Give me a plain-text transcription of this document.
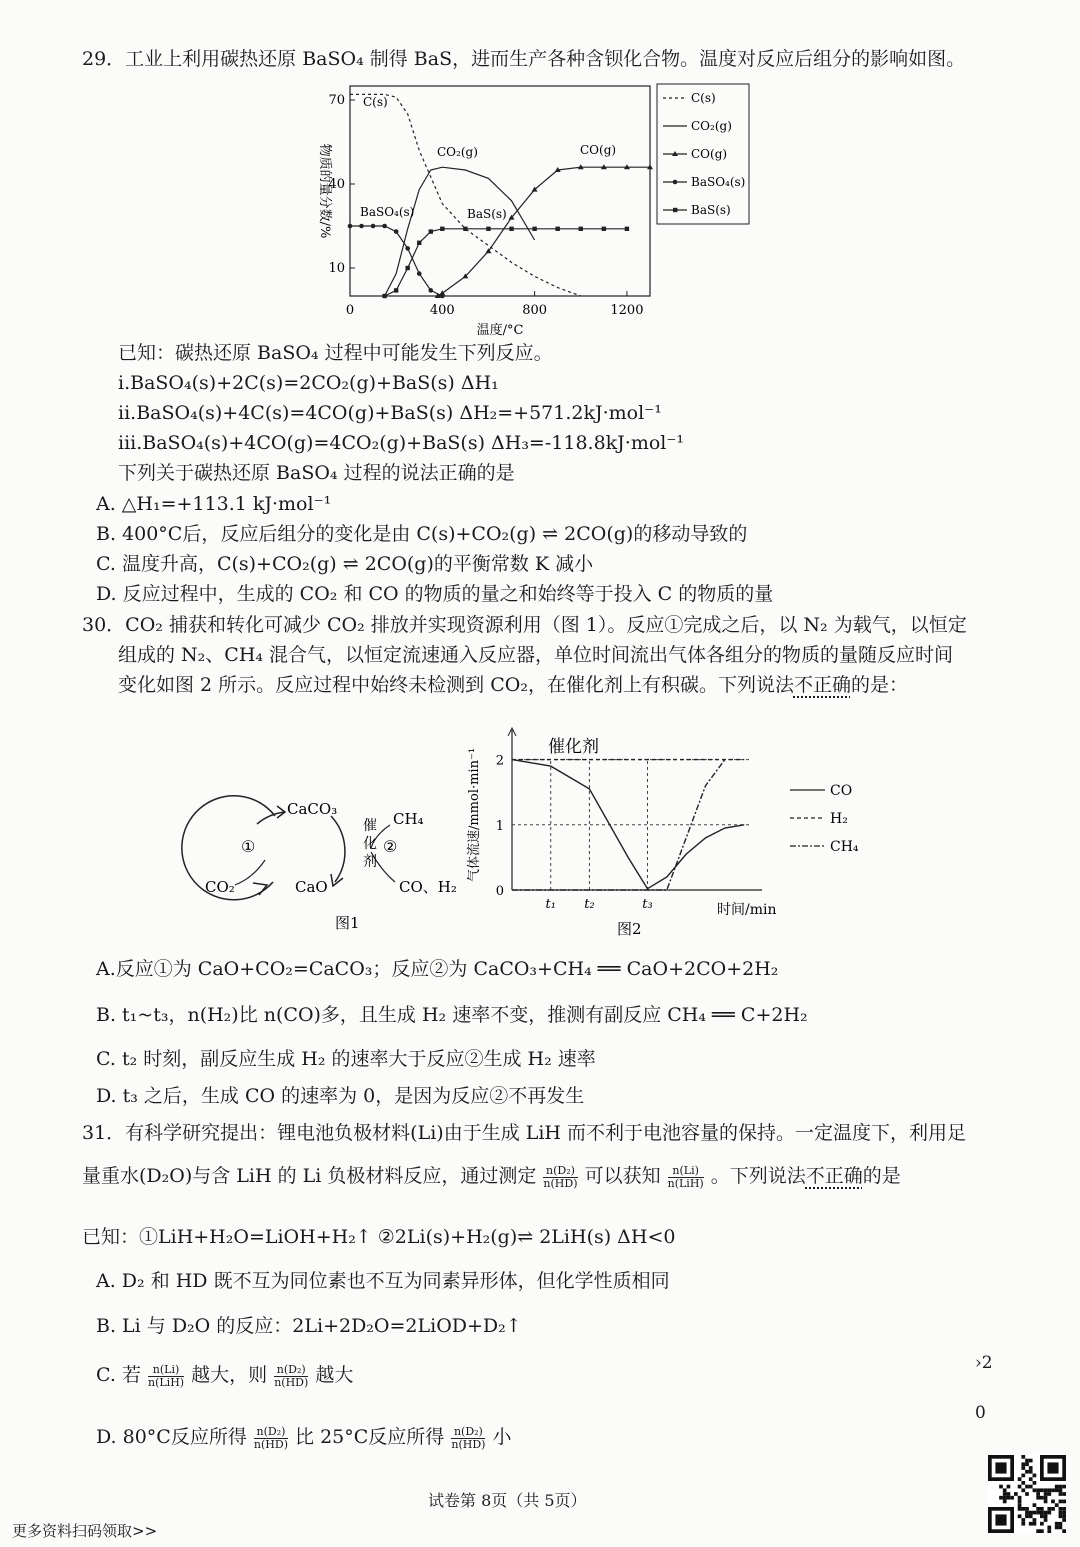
29．工业上利用碳热还原 BaSO₄ 制得 BaS，进而生产各种含钡化合物。温度对反应后组分的影响如图。
0	400	800	1200
10
40
70
温度/°C
物质的量分数/%
C(s)
CO₂(g)	CO(g)
BaSO₄(s)	BaS(s)
C(s)
CO₂(g)
CO(g)
BaSO₄(s)
BaS(s)
已知：碳热还原 BaSO₄ 过程中可能发生下列反应。
i.BaSO₄(s)+2C(s)=2CO₂(g)+BaS(s) ΔH₁
ii.BaSO₄(s)+4C(s)=4CO(g)+BaS(s) ΔH₂=+571.2kJ·mol⁻¹
iii.BaSO₄(s)+4CO(g)=4CO₂(g)+BaS(s) ΔH₃=-118.8kJ·mol⁻¹
下列关于碳热还原 BaSO₄ 过程的说法正确的是
A. △H₁=+113.1 kJ·mol⁻¹
B. 400°C后，反应后组分的变化是由 C(s)+CO₂(g) ⇌ 2CO(g)的移动导致的
C. 温度升高，C(s)+CO₂(g) ⇌ 2CO(g)的平衡常数 K 减小
D. 反应过程中，生成的 CO₂ 和 CO 的物质的量之和始终等于投入 C 的物质的量
30．CO₂ 捕获和转化可减少 CO₂ 排放并实现资源利用（图 1）。反应①完成之后，以 N₂ 为载气，以恒定
组成的 N₂、CH₄ 混合气，以恒定流速通入反应器，单位时间流出气体各组分的物质的量随反应时间
变化如图 2 所示。反应过程中始终未检测到 CO₂，在催化剂上有积碳。下列说法不正确的是：
CaCO₃
CH₄
①	②
催
化
剂
CO₂	CaO	CO、H₂
图1
催化剂
0
1
2
t₁ t₂	t₃	时间/min
气体流速/mmol·min⁻¹	CO
H₂
CH₄
图2
A.反应①为 CaO+CO₂=CaCO₃；反应②为 CaCO₃+CH₄ ══ CaO+2CO+2H₂
B. t₁~t₃，n(H₂)比 n(CO)多，且生成 H₂ 速率不变，推测有副反应 CH₄ ══ C+2H₂
C. t₂ 时刻，副反应生成 H₂ 的速率大于反应②生成 H₂ 速率
D. t₃ 之后，生成 CO 的速率为 0，是因为反应②不再发生
31．有科学研究提出：锂电池负极材料(Li)由于生成 LiH 而不利于电池容量的保持。一定温度下，利用足
量重水(D₂O)与含 LiH 的 Li 负极材料反应，通过测定 $\frac{\text{n(D₂)}}{n(HD)}$ 可以获知 $\frac{n(Li)}{\text{n(LiH)}}$ 。下列说法不正确的是
已知：①LiH+H₂O=LiOH+H₂↑ ②2Li(s)+H₂(g)⇌ 2LiH(s) ΔH<0
A. D₂ 和 HD 既不互为同位素也不互为同素异形体，但化学性质相同
B. Li 与 D₂O 的反应：2Li+2D₂O=2LiOD+D₂↑
C. 若 $\frac{n(Li)}{\text{n(LiH)}}$ 越大，则 $\frac{\text{n(D₂)}}{n(HD)}$ 越大
D. 80°C反应所得 $\frac{\text{n(D₂)}}{n(HD)}$ 比 25°C反应所得 $\frac{\text{n(D₂)}}{n(HD)}$ 小
›2
0
试卷第 8页（共 5页）
更多资料扫码领取>>
